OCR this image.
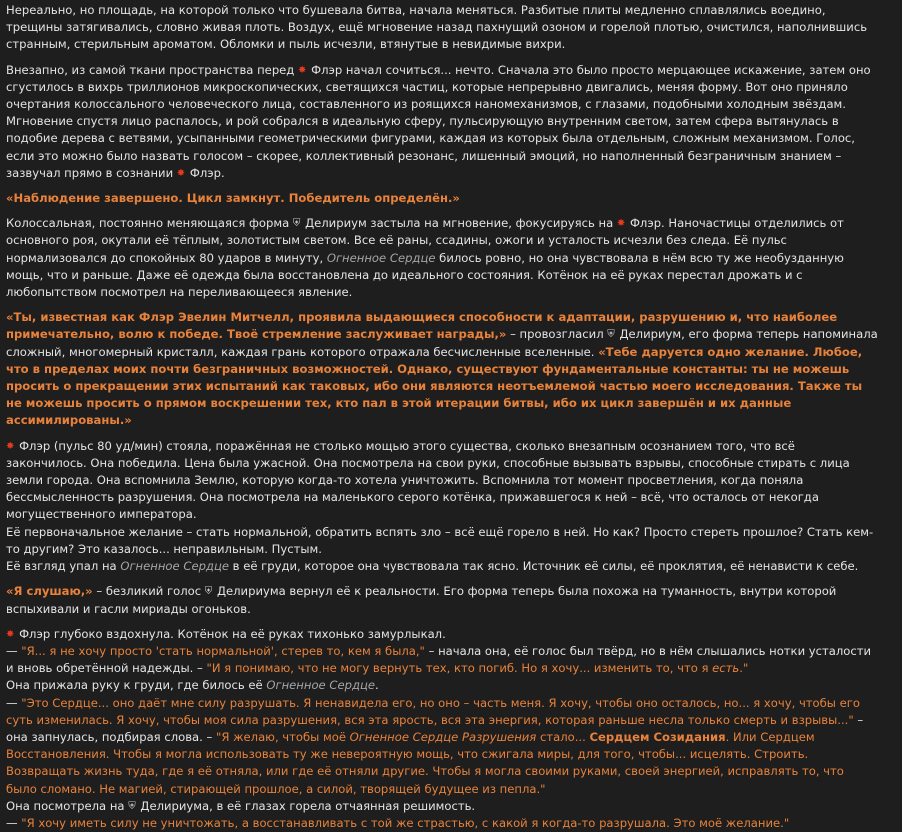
Нереально, но площадь, на которой только что бушевала битва, начала меняться. Разбитые плиты медленно сплавлялись воедино, трещины затягивались, словно живая плоть. Воздух, ещё мгновение назад пахнущий озоном и горелой плотью, очистился, наполнившись странным, стерильным ароматом. Обломки и пыль исчезли, втянутые в невидимые вихри.

Внезапно, из самой ткани пространства перед ✸ Флэр начал сочиться... нечто. Сначала это было просто мерцающее искажение, затем оно сгустилось в вихрь триллионов микроскопических, светящихся частиц, которые непрерывно двигались, меняя форму. Вот оно приняло очертания колоссального человеческого лица, составленного из роящихся наномеханизмов, с глазами, подобными холодным звёздам. Мгновение спустя лицо распалось, и рой собрался в идеальную сферу, пульсирующую внутренним светом, затем сфера вытянулась в подобие дерева с ветвями, усыпанными геометрическими фигурами, каждая из которых была отдельным, сложным механизмом. Голос, если это можно было назвать голосом – скорее, коллективный резонанс, лишенный эмоций, но наполненный безграничным знанием – зазвучал прямо в сознании ✸ Флэр.

«Наблюдение завершено. Цикл замкнут. Победитель определён.»

Колоссальная, постоянно меняющаяся форма ⛨ Делириум застыла на мгновение, фокусируясь на ✸ Флэр. Наночастицы отделились от основного роя, окутали её тёплым, золотистым светом. Все её раны, ссадины, ожоги и усталость исчезли без следа. Её пульс нормализовался до спокойных 80 ударов в минуту, Огненное Сердце билось ровно, но она чувствовала в нём всю ту же необузданную мощь, что и раньше. Даже её одежда была восстановлена до идеального состояния. Котёнок на её руках перестал дрожать и с любопытством посмотрел на переливающееся явление.

«Ты, известная как Флэр Эвелин Митчелл, проявила выдающиеся способности к адаптации, разрушению и, что наиболее примечательно, волю к победе. Твоё стремление заслуживает награды,» – провозгласил ⛨ Делириум, его форма теперь напоминала сложный, многомерный кристалл, каждая грань которого отражала бесчисленные вселенные. «Тебе даруется одно желание. Любое, что в пределах моих почти безграничных возможностей. Однако, существуют фундаментальные константы: ты не можешь просить о прекращении этих испытаний как таковых, ибо они являются неотъемлемой частью моего исследования. Также ты не можешь просить о прямом воскрешении тех, кто пал в этой итерации битвы, ибо их цикл завершён и их данные ассимилированы.»

✸ Флэр (пульс 80 уд/мин) стояла, поражённая не столько мощью этого существа, сколько внезапным осознанием того, что всё закончилось. Она победила. Цена была ужасной. Она посмотрела на свои руки, способные вызывать взрывы, способные стирать с лица земли города. Она вспомнила Землю, которую когда-то хотела уничтожить. Вспомнила тот момент просветления, когда поняла бессмысленность разрушения. Она посмотрела на маленького серого котёнка, прижавшегося к ней – всё, что осталось от некогда могущественного императора.
Её первоначальное желание – стать нормальной, обратить вспять зло – всё ещё горело в ней. Но как? Просто стереть прошлое? Стать кем-то другим? Это казалось... неправильным. Пустым.
Её взгляд упал на Огненное Сердце в её груди, которое она чувствовала так ясно. Источник её силы, её проклятия, её ненависти к себе.

«Я слушаю,» – безликий голос ⛨ Делириума вернул её к реальности. Его форма теперь была похожа на туманность, внутри которой вспыхивали и гасли мириады огоньков.

✸ Флэр глубоко вздохнула. Котёнок на её руках тихонько замурлыкал.
— "Я... я не хочу просто 'стать нормальной', стерев то, кем я была," – начала она, её голос был твёрд, но в нём слышались нотки усталости и вновь обретённой надежды. – "И я понимаю, что не могу вернуть тех, кто погиб. Но я хочу... изменить то, что я есть."
Она прижала руку к груди, где билось её Огненное Сердце.
— "Это Сердце... оно даёт мне силу разрушать. Я ненавидела его, но оно – часть меня. Я хочу, чтобы оно осталось, но... я хочу, чтобы его суть изменилась. Я хочу, чтобы моя сила разрушения, вся эта ярость, вся эта энергия, которая раньше несла только смерть и взрывы..." – она запнулась, подбирая слова. – "Я желаю, чтобы моё Огненное Сердце Разрушения стало... Сердцем Созидания. Или Сердцем Восстановления. Чтобы я могла использовать ту же невероятную мощь, что сжигала миры, для того, чтобы... исцелять. Строить. Возвращать жизнь туда, где я её отняла, или где её отняли другие. Чтобы я могла своими руками, своей энергией, исправлять то, что было сломано. Не магией, стирающей прошлое, а силой, творящей будущее из пепла."
Она посмотрела на ⛨ Делириума, в её глазах горела отчаянная решимость.
— "Я хочу иметь силу не уничтожать, а восстанавливать с той же страстью, с какой я когда-то разрушала. Это моё желание."
